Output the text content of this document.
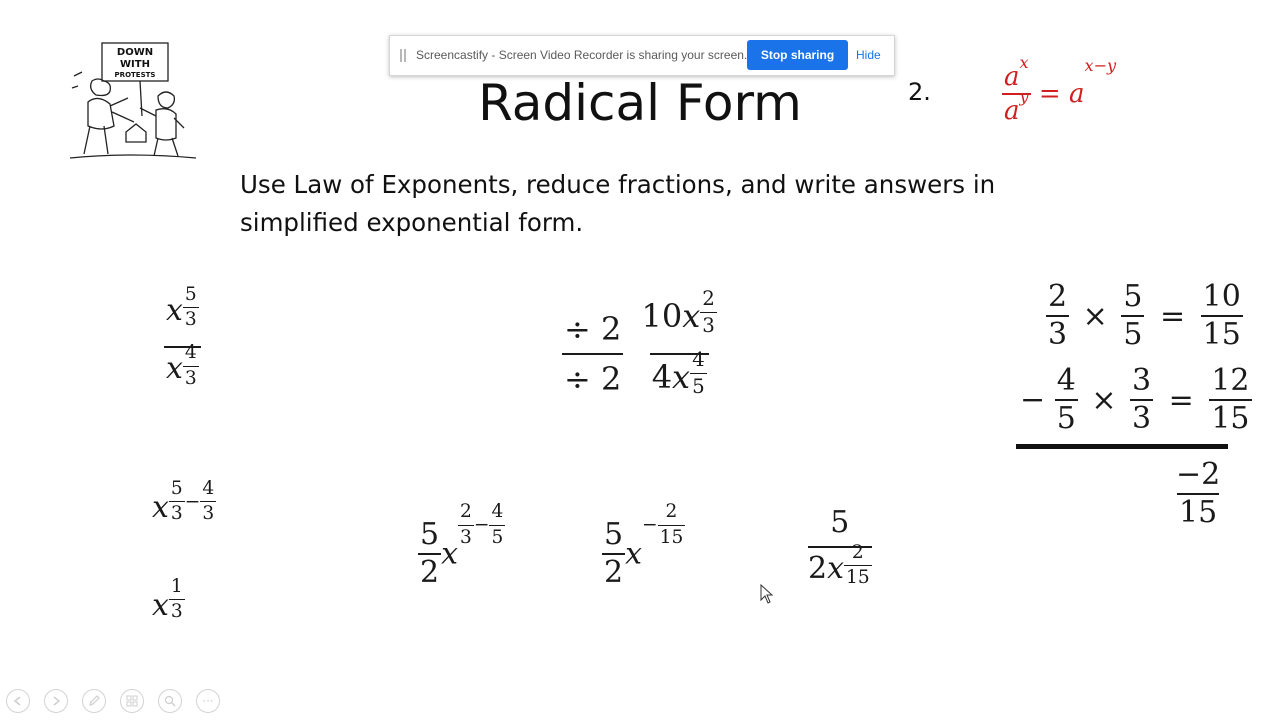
Screencastify - Screen Video Recorder is sharing your screen.	Stop sharing	Hide
DOWN
WITH
PROTESTS	Radical Form	2.	$\frac{ax}{ay} = ax-y$
Use Law of Exponents, reduce fractions, and write answers in simplified exponential form.
$\frac{x \frac{5}{3}}{x \frac{4}{3}}$
x $\frac{5}{3} - \frac{4}{3}$
x $\frac{1}{3}$
$\frac{\div 2}{\div 2}$
$\frac{10x \frac{2}{3}}{4x \frac{4}{5}}$
$\frac{5}{2}$ x
$\frac{2}{3} - \frac{4}{5}$	$\frac{5}{2} x- \frac{2}{15}$	$\frac{5}{2x \frac{2}{15}}$
$\frac{2}{3} \times \frac{5}{5} = \frac{10}{15}$
− $\frac{4}{5} \times \frac{3}{3} = \frac{12}{15}$
$\frac{-2}{15}$
···
